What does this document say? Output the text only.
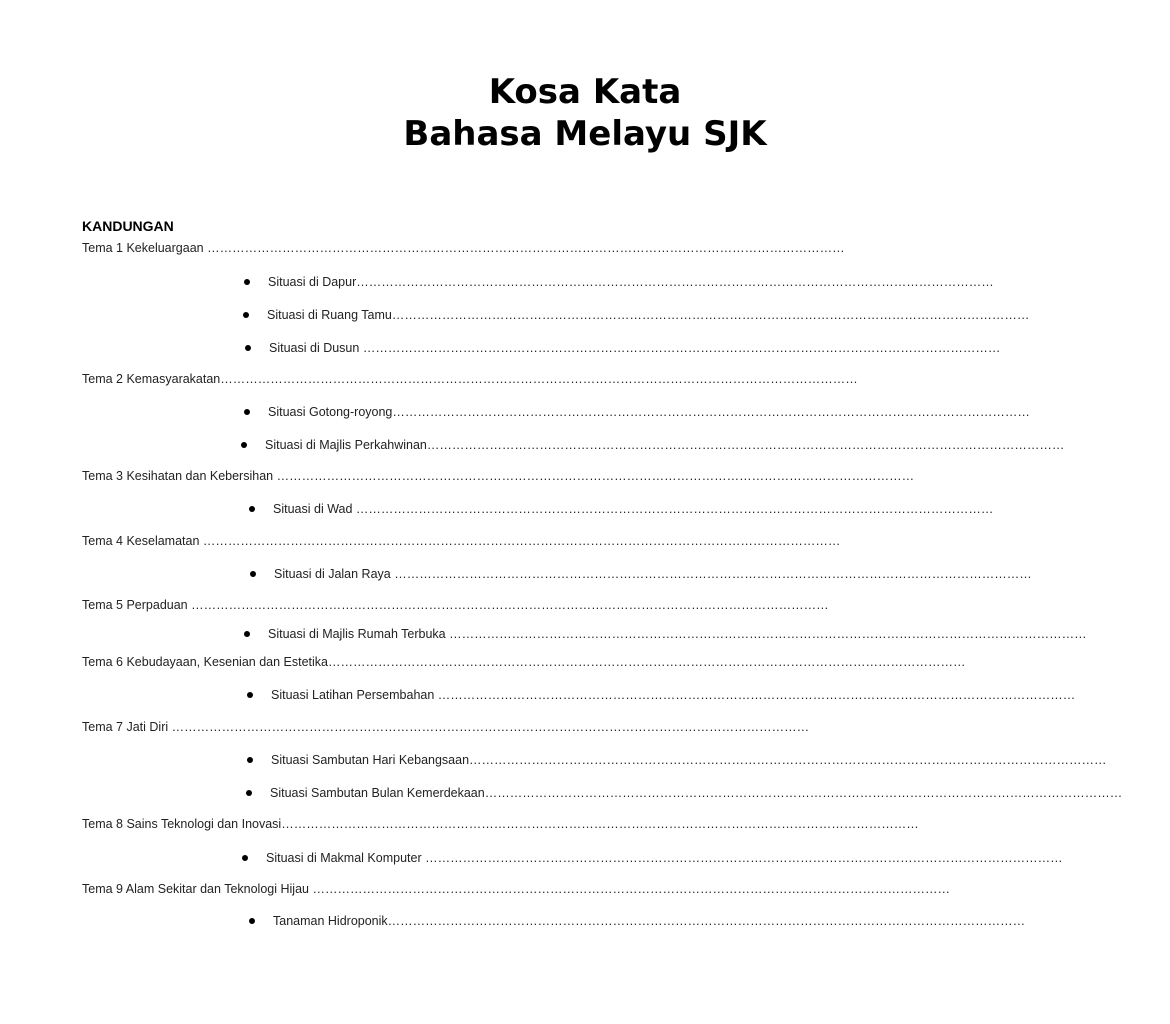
Kosa Kata
Bahasa Melayu SJK
KANDUNGAN
Tema 1 Kekeluargaan ………………………………………………………………………………………………………………………………………
Situasi di Dapur………………………………………………………………………………………………………………………………………
Situasi di Ruang Tamu………………………………………………………………………………………………………………………………………
Situasi di Dusun ………………………………………………………………………………………………………………………………………
Tema 2 Kemasyarakatan………………………………………………………………………………………………………………………………………
Situasi Gotong-royong………………………………………………………………………………………………………………………………………
Situasi di Majlis Perkahwinan………………………………………………………………………………………………………………………………………
Tema 3 Kesihatan dan Kebersihan ………………………………………………………………………………………………………………………………………
Situasi di Wad ………………………………………………………………………………………………………………………………………
Tema 4 Keselamatan ………………………………………………………………………………………………………………………………………
Situasi di Jalan Raya ………………………………………………………………………………………………………………………………………
Tema 5 Perpaduan ………………………………………………………………………………………………………………………………………
Situasi di Majlis Rumah Terbuka ………………………………………………………………………………………………………………………………………
Tema 6 Kebudayaan, Kesenian dan Estetika………………………………………………………………………………………………………………………………………
Situasi Latihan Persembahan ………………………………………………………………………………………………………………………………………
Tema 7 Jati Diri ………………………………………………………………………………………………………………………………………
Situasi Sambutan Hari Kebangsaan………………………………………………………………………………………………………………………………………
Situasi Sambutan Bulan Kemerdekaan………………………………………………………………………………………………………………………………………
Tema 8 Sains Teknologi dan Inovasi………………………………………………………………………………………………………………………………………
Situasi di Makmal Komputer ………………………………………………………………………………………………………………………………………
Tema 9 Alam Sekitar dan Teknologi Hijau ………………………………………………………………………………………………………………………………………
Tanaman Hidroponik………………………………………………………………………………………………………………………………………
